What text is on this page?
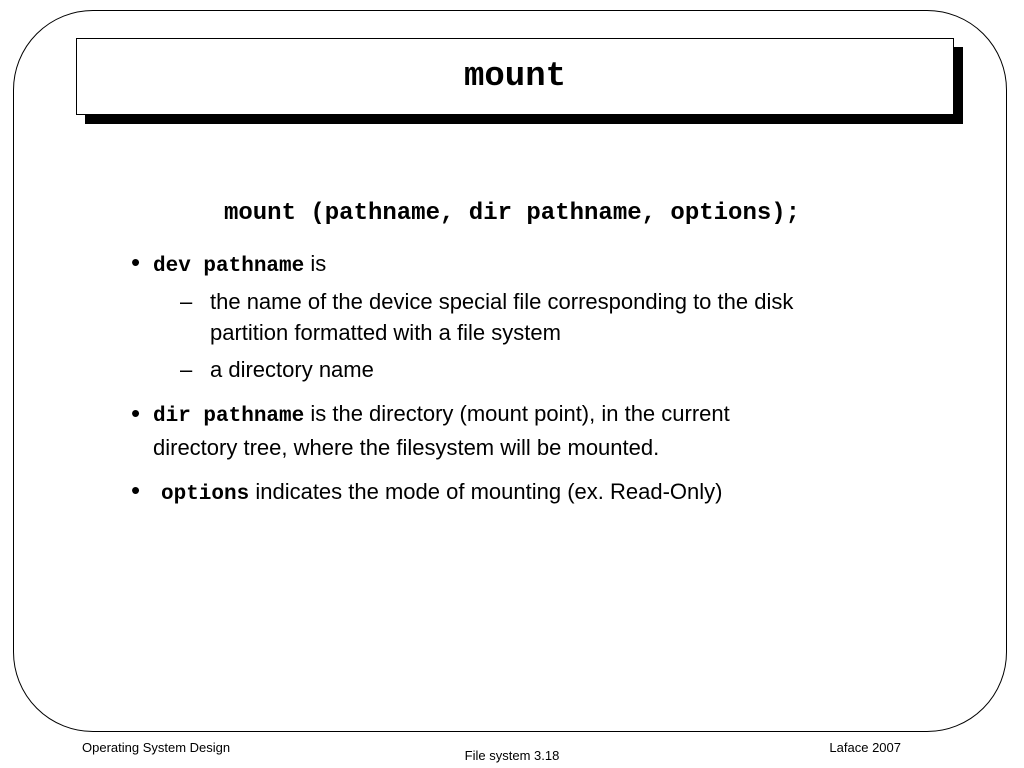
mount
mount (pathname, dir pathname, options);
• dev pathname is
– the name of the device special file corresponding to the disk
partition formatted with a file system
– a directory name
• dir pathname is the directory (mount point), in the current
directory tree, where the filesystem will be mounted.
• options indicates the mode of mounting (ex. Read-Only)
Operating System Design
File system 3.18
Laface 2007
